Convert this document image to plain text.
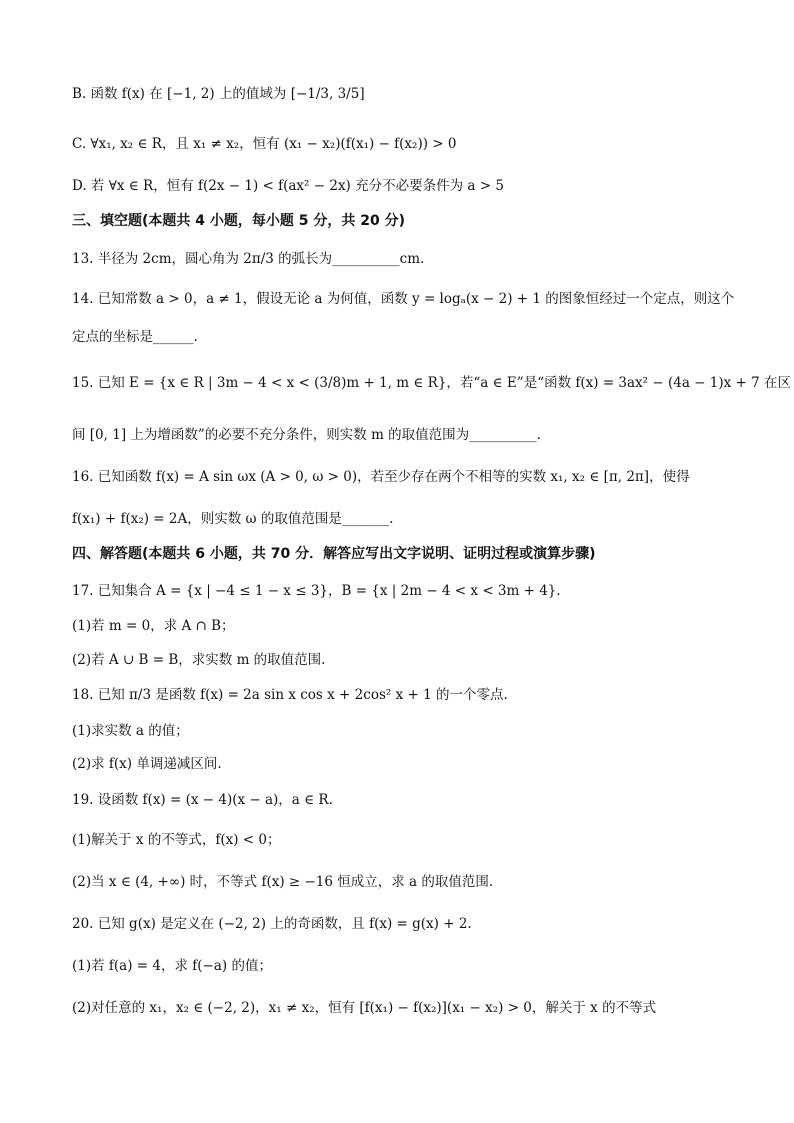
B. 函数 f(x) 在 [−1, 2) 上的值域为 [−1/3, 3/5]
C. ∀x₁, x₂ ∈ R，且 x₁ ≠ x₂，恒有 (x₁ − x₂)(f(x₁) − f(x₂)) > 0
D. 若 ∀x ∈ R，恒有 f(2x − 1) < f(ax² − 2x) 充分不必要条件为 a > 5
三、填空题(本题共 4 小题，每小题 5 分，共 20 分)
13. 半径为 2cm，圆心角为 2π/3 的弧长为__________cm.
14. 已知常数 a > 0，a ≠ 1，假设无论 a 为何值，函数 y = logₐ(x − 2) + 1 的图象恒经过一个定点，则这个
定点的坐标是______.
15. 已知 E = {x ∈ R | 3m − 4 < x < (3/8)m + 1, m ∈ R}，若“a ∈ E”是“函数 f(x) = 3ax² − (4a − 1)x + 7 在区
间 [0, 1] 上为增函数”的必要不充分条件，则实数 m 的取值范围为__________.
16. 已知函数 f(x) = A sin ωx (A > 0, ω > 0)，若至少存在两个不相等的实数 x₁, x₂ ∈ [π, 2π]，使得
f(x₁) + f(x₂) = 2A，则实数 ω 的取值范围是_______.
四、解答题(本题共 6 小题，共 70 分．解答应写出文字说明、证明过程或演算步骤)
17. 已知集合 A = {x | −4 ≤ 1 − x ≤ 3}，B = {x | 2m − 4 < x < 3m + 4}.
(1)若 m = 0，求 A ∩ B；
(2)若 A ∪ B = B，求实数 m 的取值范围.
18. 已知 π/3 是函数 f(x) = 2a sin x cos x + 2cos² x + 1 的一个零点.
(1)求实数 a 的值；
(2)求 f(x) 单调递减区间.
19. 设函数 f(x) = (x − 4)(x − a)，a ∈ R.
(1)解关于 x 的不等式，f(x) < 0；
(2)当 x ∈ (4, +∞) 时，不等式 f(x) ≥ −16 恒成立，求 a 的取值范围.
20. 已知 g(x) 是定义在 (−2, 2) 上的奇函数，且 f(x) = g(x) + 2.
(1)若 f(a) = 4，求 f(−a) 的值；
(2)对任意的 x₁，x₂ ∈ (−2, 2)，x₁ ≠ x₂，恒有 [f(x₁) − f(x₂)](x₁ − x₂) > 0，解关于 x 的不等式
